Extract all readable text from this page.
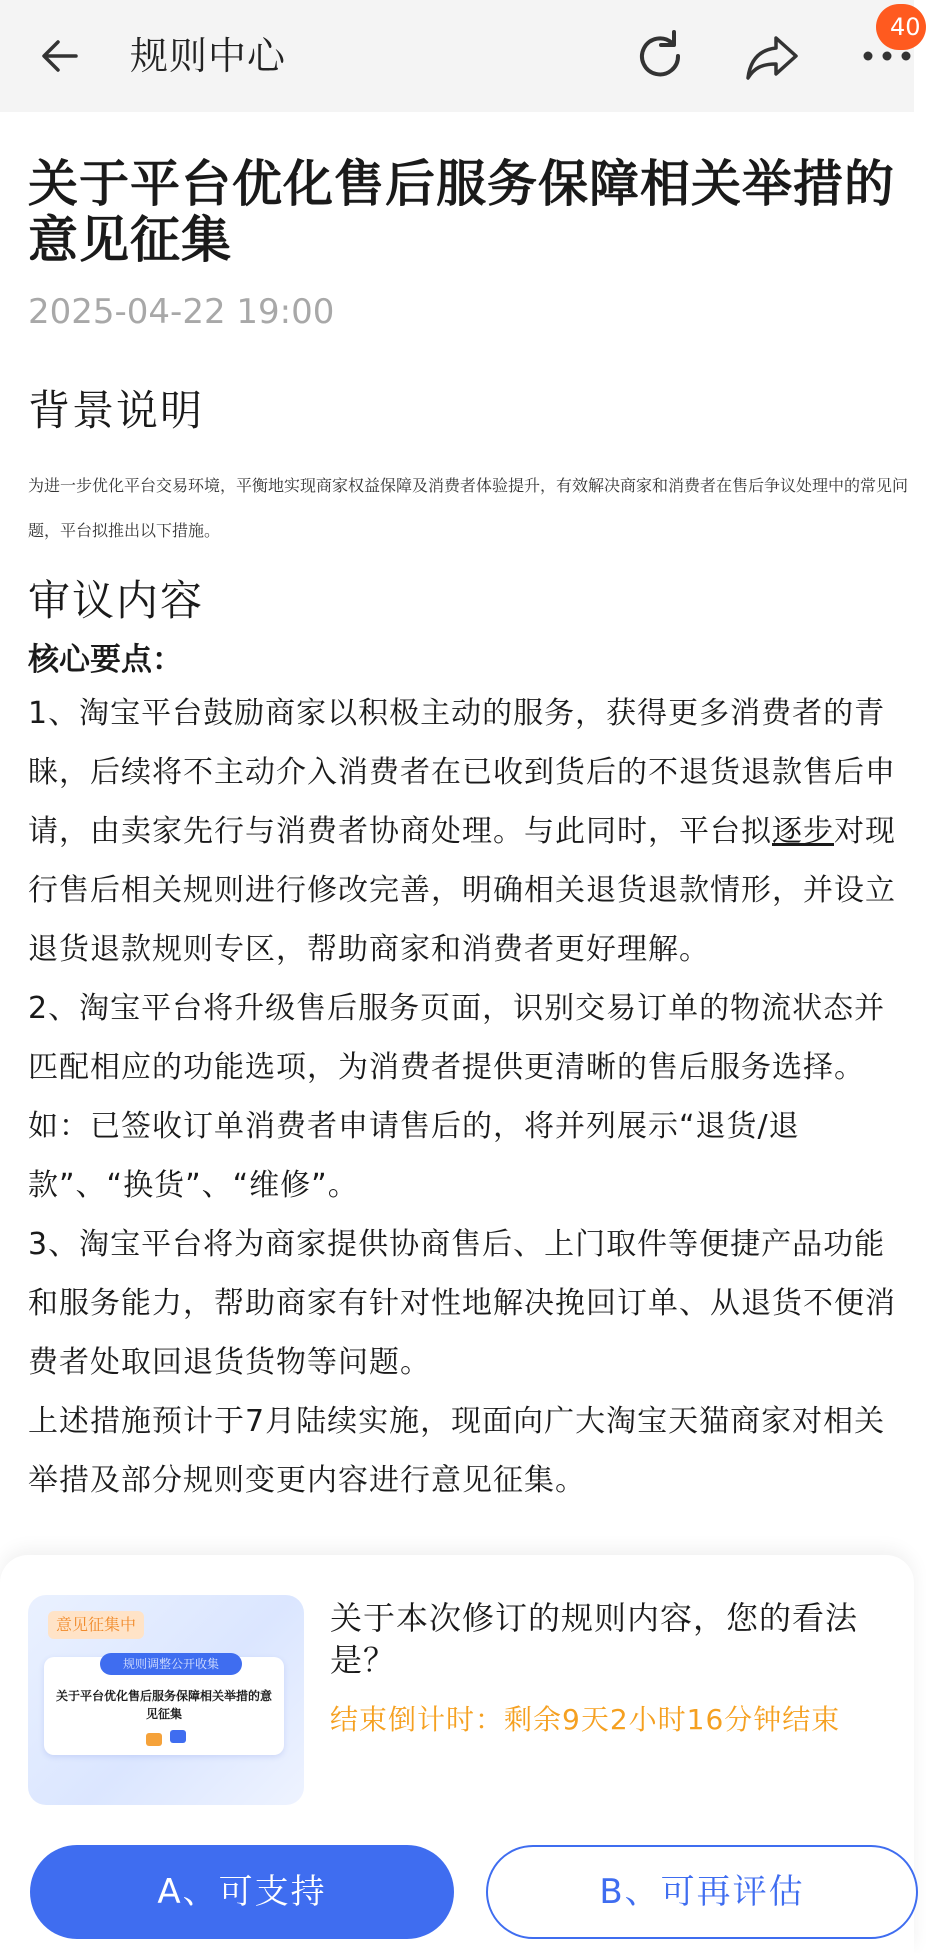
规则中心
40
关于平台优化售后服务保障相关举措的意见征集
2025-04-22 19:00
背景说明
为进一步优化平台交易环境，平衡地实现商家权益保障及消费者体验提升，有效解决商家和消费者在售后争议处理中的常见问题，平台拟推出以下措施。
审议内容
核心要点：

1、淘宝平台鼓励商家以积极主动的服务，获得更多消费者的青睐，后续将不主动介入消费者在已收到货后的不退货退款售后申请，由卖家先行与消费者协商处理。与此同时，平台拟逐步对现行售后相关规则进行修改完善，明确相关退货退款情形，并设立退货退款规则专区，帮助商家和消费者更好理解。

2、淘宝平台将升级售后服务页面，识别交易订单的物流状态并匹配相应的功能选项，为消费者提供更清晰的售后服务选择。如：已签收订单消费者申请售后的，将并列展示“退货/退款”、“换货”、“维修”。

3、淘宝平台将为商家提供协商售后、上门取件等便捷产品功能和服务能力，帮助商家有针对性地解决挽回订单、从退货不便消费者处取回退货货物等问题。

上述措施预计于7月陆续实施，现面向广大淘宝天猫商家对相关举措及部分规则变更内容进行意见征集。

意见征集中
规则调整公开收集
关于平台优化售后服务保障相关举措的意见征集
关于本次修订的规则内容，您的看法是？
结束倒计时：剩余9天2小时16分钟结束
A、可支持	B、可再评估
